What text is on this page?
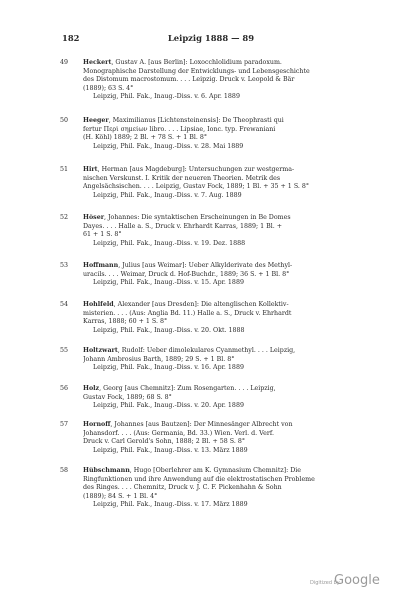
182	Leipzig 1888 — 89
49	Heckert, Gustav A. [aus Berlin]: Loxocchlolidium paradoxum.
Monographische Darstellung der Entwicklungs- und Lebensgeschichte
des Distomum macrostomum. . . . Leipzig. Druck v. Leopold & Bär
(1889); 63 S. 4°
Leipzig, Phil. Fak., Inaug.-Diss. v. 6. Apr. 1889
50	Heeger, Maximilianus [Lichtensteinensis]: De Theophrasti qui
fertur Περὶ σημείων libro. . . . Lipsiae, Ionc. typ. Frewaniani
(H. Köhl) 1889; 2 Bl. + 78 S. + 1 Bl. 8°
Leipzig, Phil. Fak., Inaug.-Diss. v. 28. Mai 1889
51	Hirt, Herman [aus Magdeburg]: Untersuchungen zur westgerma-
nischen Verskunst. I. Kritik der neueren Theorien. Metrik des
Angelsächsischen. . . . Leipzig, Gustav Fock, 1889; 1 Bl. + 35 + 1 S. 8°
Leipzig, Phil. Fak., Inaug.-Diss. v. 7. Aug. 1889
52	Höser, Johannes: Die syntaktischen Erscheinungen in Be Domes
Dayes. . . . Halle a. S., Druck v. Ehrhardt Karras, 1889; 1 Bl. +
61 + 1 S. 8°
Leipzig, Phil. Fak., Inaug.-Diss. v. 19. Dez. 1888
53	Hoffmann, Julius [aus Weimar]: Ueber Alkylderivate des Methyl-
uracils. . . . Weimar, Druck d. Hof-Buchdr., 1889; 36 S. + 1 Bl. 8°
Leipzig, Phil. Fak., Inaug.-Diss. v. 15. Apr. 1889
54	Hohlfeld, Alexander [aus Dresden]: Die altenglischen Kollektiv-
misterien. . . . (Aus: Anglia Bd. 11.) Halle a. S., Druck v. Ehrhardt
Karras, 1888; 60 + 1 S. 8°
Leipzig, Phil. Fak., Inaug.-Diss. v. 20. Okt. 1888
55	Holtzwart, Rudolf: Ueber dimolekulares Cyanmethyl. . . . Leipzig,
Johann Ambrosius Barth, 1889; 29 S. + 1 Bl. 8°
Leipzig, Phil. Fak., Inaug.-Diss. v. 16. Apr. 1889
56	Holz, Georg [aus Chemnitz]: Zum Rosengarten. . . . Leipzig,
Gustav Fock, 1889; 68 S. 8°
Leipzig, Phil. Fak., Inaug.-Diss. v. 20. Apr. 1889
57	Hornoff, Johannes [aus Bautzen]: Der Minnesänger Albrecht von
Johansdorf. . . . (Aus: Germania, Bd. 33.) Wien. Verl. d. Verf.
Druck v. Carl Gerold's Sohn, 1888; 2 Bl. + 58 S. 8°
Leipzig, Phil. Fak., Inaug.-Diss. v. 13. März 1889
58	Hübschmann, Hugo [Oberlehrer am K. Gymnasium Chemnitz]: Die
Ringfunktionen und ihre Anwendung auf die elektrostatischen Probleme
des Ringes. . . . Chemnitz, Druck v. J. C. F. Pickenhahn & Sohn
(1889); 84 S. + 1 Bl. 4°
Leipzig, Phil. Fak., Inaug.-Diss. v. 17. März 1889
Digitized by
Google
